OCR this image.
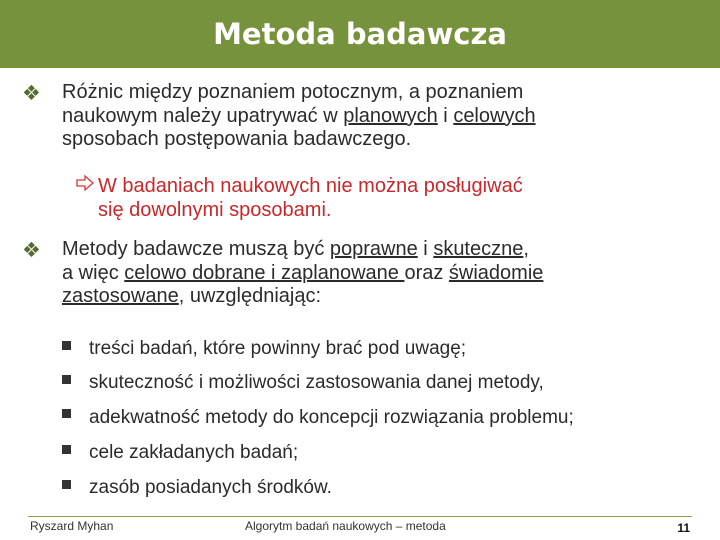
Metoda badawcza
❖ Różnic między poznaniem potocznym, a poznaniem
naukowym należy upatrywać w planowych i celowych
sposobach postępowania badawczego.
W badaniach naukowych nie można posługiwać
się dowolnymi sposobami.
❖ Metody badawcze muszą być poprawne i skuteczne,
a więc celowo dobrane i zaplanowane oraz świadomie
zastosowane, uwzględniając:
treści badań, które powinny brać pod uwagę;
skuteczność i możliwości zastosowania danej metody,
adekwatność metody do koncepcji rozwiązania problemu;
cele zakładanych badań;
zasób posiadanych środków.
Ryszard Myhan	Algorytm badań naukowych – metoda	11
